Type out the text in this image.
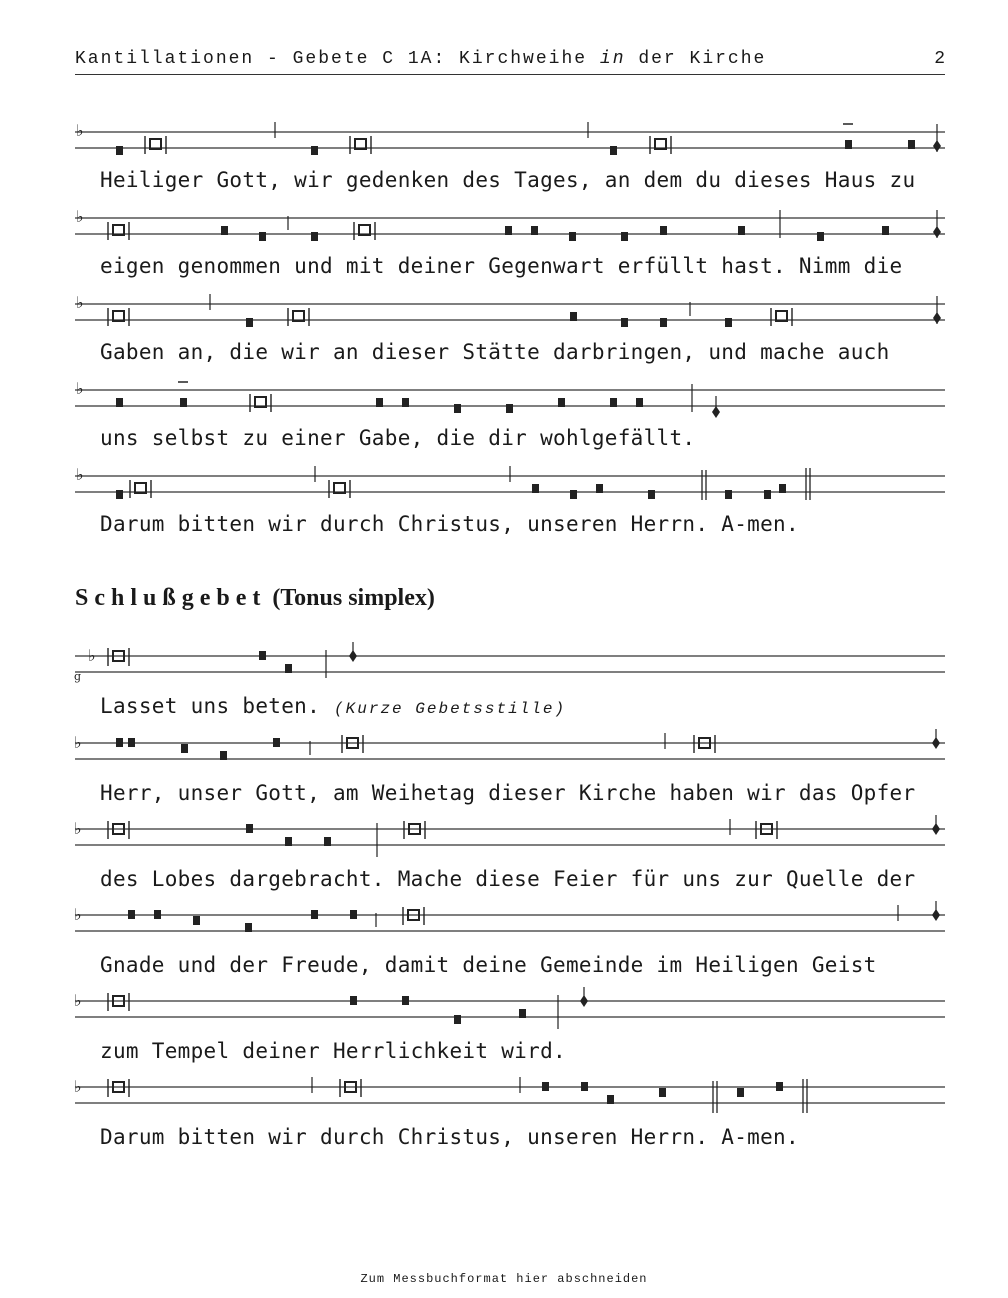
Kantillationen - Gebete C 1A: Kirchweihe in der Kirche	2
♭
Heiliger Gott, wir gedenken des Tages, an dem du dieses Haus zu
♭
eigen genommen und mit deiner Gegenwart erfüllt hast. Nimm die
♭
Gaben an, die wir an dieser Stätte darbringen, und mache auch
♭
uns selbst zu einer Gabe, die dir wohlgefällt.
♭
Darum bitten wir durch Christus, unseren Herrn. A-men.
Schlußgebet (Tonus simplex)
♭
g
Lasset uns beten. (Kurze Gebetsstille)
♭
Herr, unser Gott, am Weihetag dieser Kirche haben wir das Opfer
♭
des Lobes dargebracht. Mache diese Feier für uns zur Quelle der
♭
Gnade und der Freude, damit deine Gemeinde im Heiligen Geist
♭
zum Tempel deiner Herrlichkeit wird.
♭
Darum bitten wir durch Christus, unseren Herrn. A-men.
Zum Messbuchformat hier abschneiden
